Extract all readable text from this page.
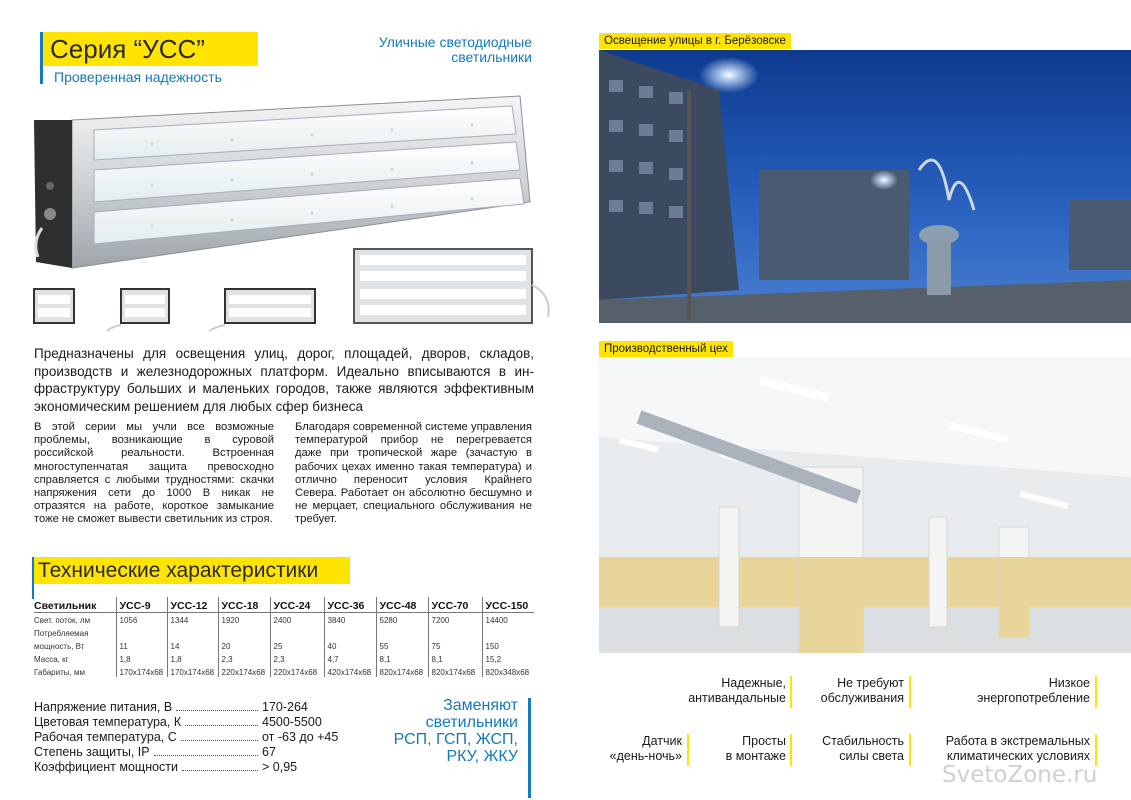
Серия “УСС”
Проверенная надежность
Уличные светодиодные
светильники
Предназначены для освещения улиц, дорог, площадей, дворов, складов, производств и железнодорожных платформ. Идеально вписываются в инфраструктуру больших и маленьких городов, также являются эффективным экономическим решением для любых сфер бизнеса
В этой серии мы учли все возможные проблемы, возникающие в суровой российской реальности. Встроенная многоступенчатая защита превосходно справляется с любыми трудностями: скачки напряжения сети до 1000 В никак не отразятся на работе, короткое замыкание тоже не сможет вывести светильник из строя.
Благодаря современной системе управления температурой прибор не перегревается даже при тропической жаре (зачастую в рабочих цехах именно такая температура) и отлично переносит условия Крайнего Севера. Работает он абсолютно бесшумно и не мерцает, специального обслуживания не требует.
Технические характеристики
Светильник	УСС-9	УСС-12	УСС-18	УСС-24	УСС-36	УСС-48	УСС-70	УСС-150
Свет. поток, лм	1056	1344	1920	2400	3840	5280	7200	14400
Потребляемая								
мощность, Вт	11	14	20	25	40	55	75	150
Масса, кг	1,8	1,8	2,3	2,3	4,7	8,1	8,1	15,2
Габариты, мм	170x174x68	170x174x68	220x174x68	220x174x68	420x174x68	820x174x68	820x174x68	820x348x68
Напряжение питания, В	170-264
Цветовая температура, К	4500-5500
Рабочая температура, С	от -63 до +45
Степень защиты, IP	67
Коэффициент мощности	> 0,95
Заменяют
светильники
РСП, ГСП, ЖСП,
РКУ, ЖКУ
Освещение улицы в г. Берёзовске
Производственный цех
Надежные,
антивандальные
Не требуют
обслуживания
Низкое
энергопотребление
Датчик
«день-ночь»
Просты
в монтаже
Стабильность
силы света
Работа в экстремальных
климатических условиях
SvetoZone.ru
